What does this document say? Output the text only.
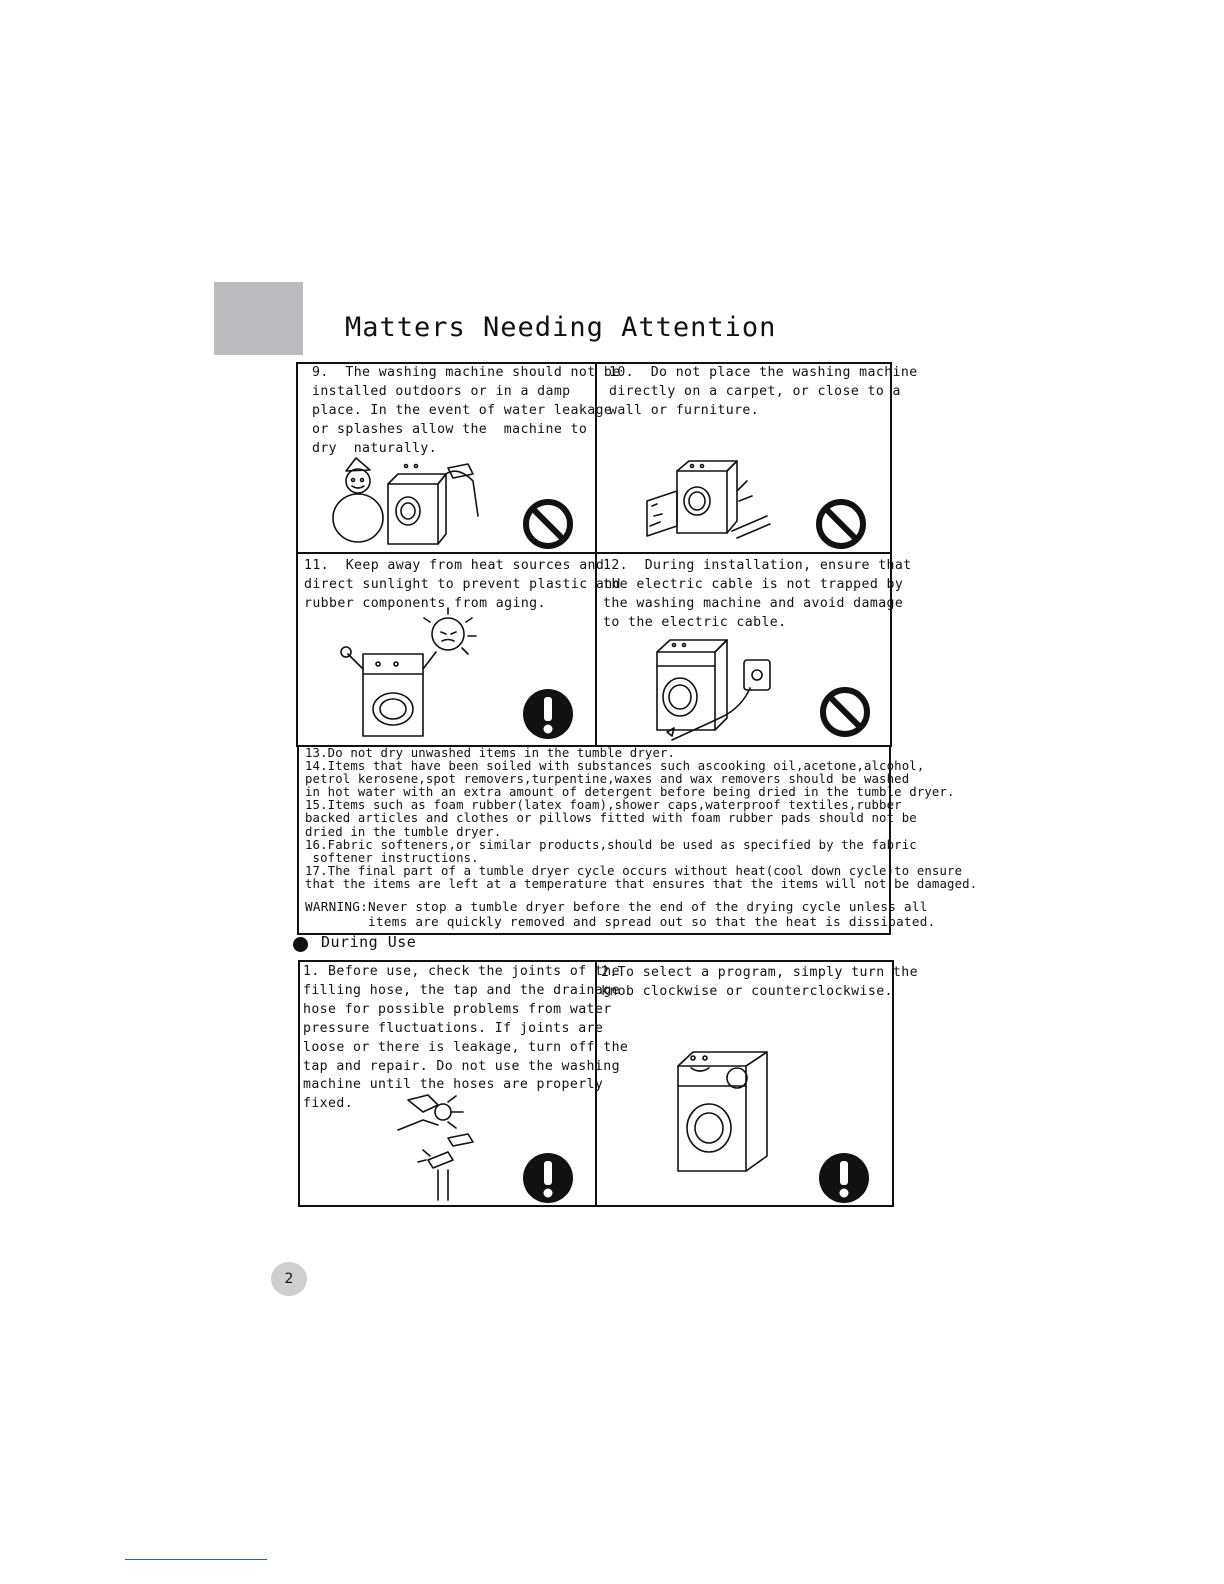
Matters Needing Attention
9.  The washing machine should not be
installed outdoors or in a damp
place. In the event of water leakage
or splashes allow the  machine to
dry  naturally.
10.  Do not place the washing machine
directly on a carpet, or close to a
wall or furniture.
11.  Keep away from heat sources and
direct sunlight to prevent plastic and
rubber components from aging.
12.  During installation, ensure that
the electric cable is not trapped by
the washing machine and avoid damage
to the electric cable.
13.Do not dry unwashed items in the tumble dryer.
14.Items that have been soiled with substances such ascooking oil,acetone,alcohol,
petrol kerosene,spot removers,turpentine,waxes and wax removers should be washed
in hot water with an extra amount of detergent before being dried in the tumble dryer.
15.Items such as foam rubber(latex foam),shower caps,waterproof textiles,rubber
backed articles and clothes or pillows fitted with foam rubber pads should not be
dried in the tumble dryer.
16.Fabric softeners,or similar products,should be used as specified by the fabric
softener instructions.
17.The final part of a tumble dryer cycle occurs without heat(cool down cycle)to ensure
that the items are left at a temperature that ensures that the items will not be damaged.
WARNING:Never stop a tumble dryer before the end of the drying cycle unless all
items are quickly removed and spread out so that the heat is dissipated.
During Use
1. Before use, check the joints of the
filling hose, the tap and the drainage
hose for possible problems from water
pressure fluctuations. If joints are
loose or there is leakage, turn off the
tap and repair. Do not use the washing
machine until the hoses are properly
fixed.
2.To select a program, simply turn the
knob clockwise or counterclockwise.
2
